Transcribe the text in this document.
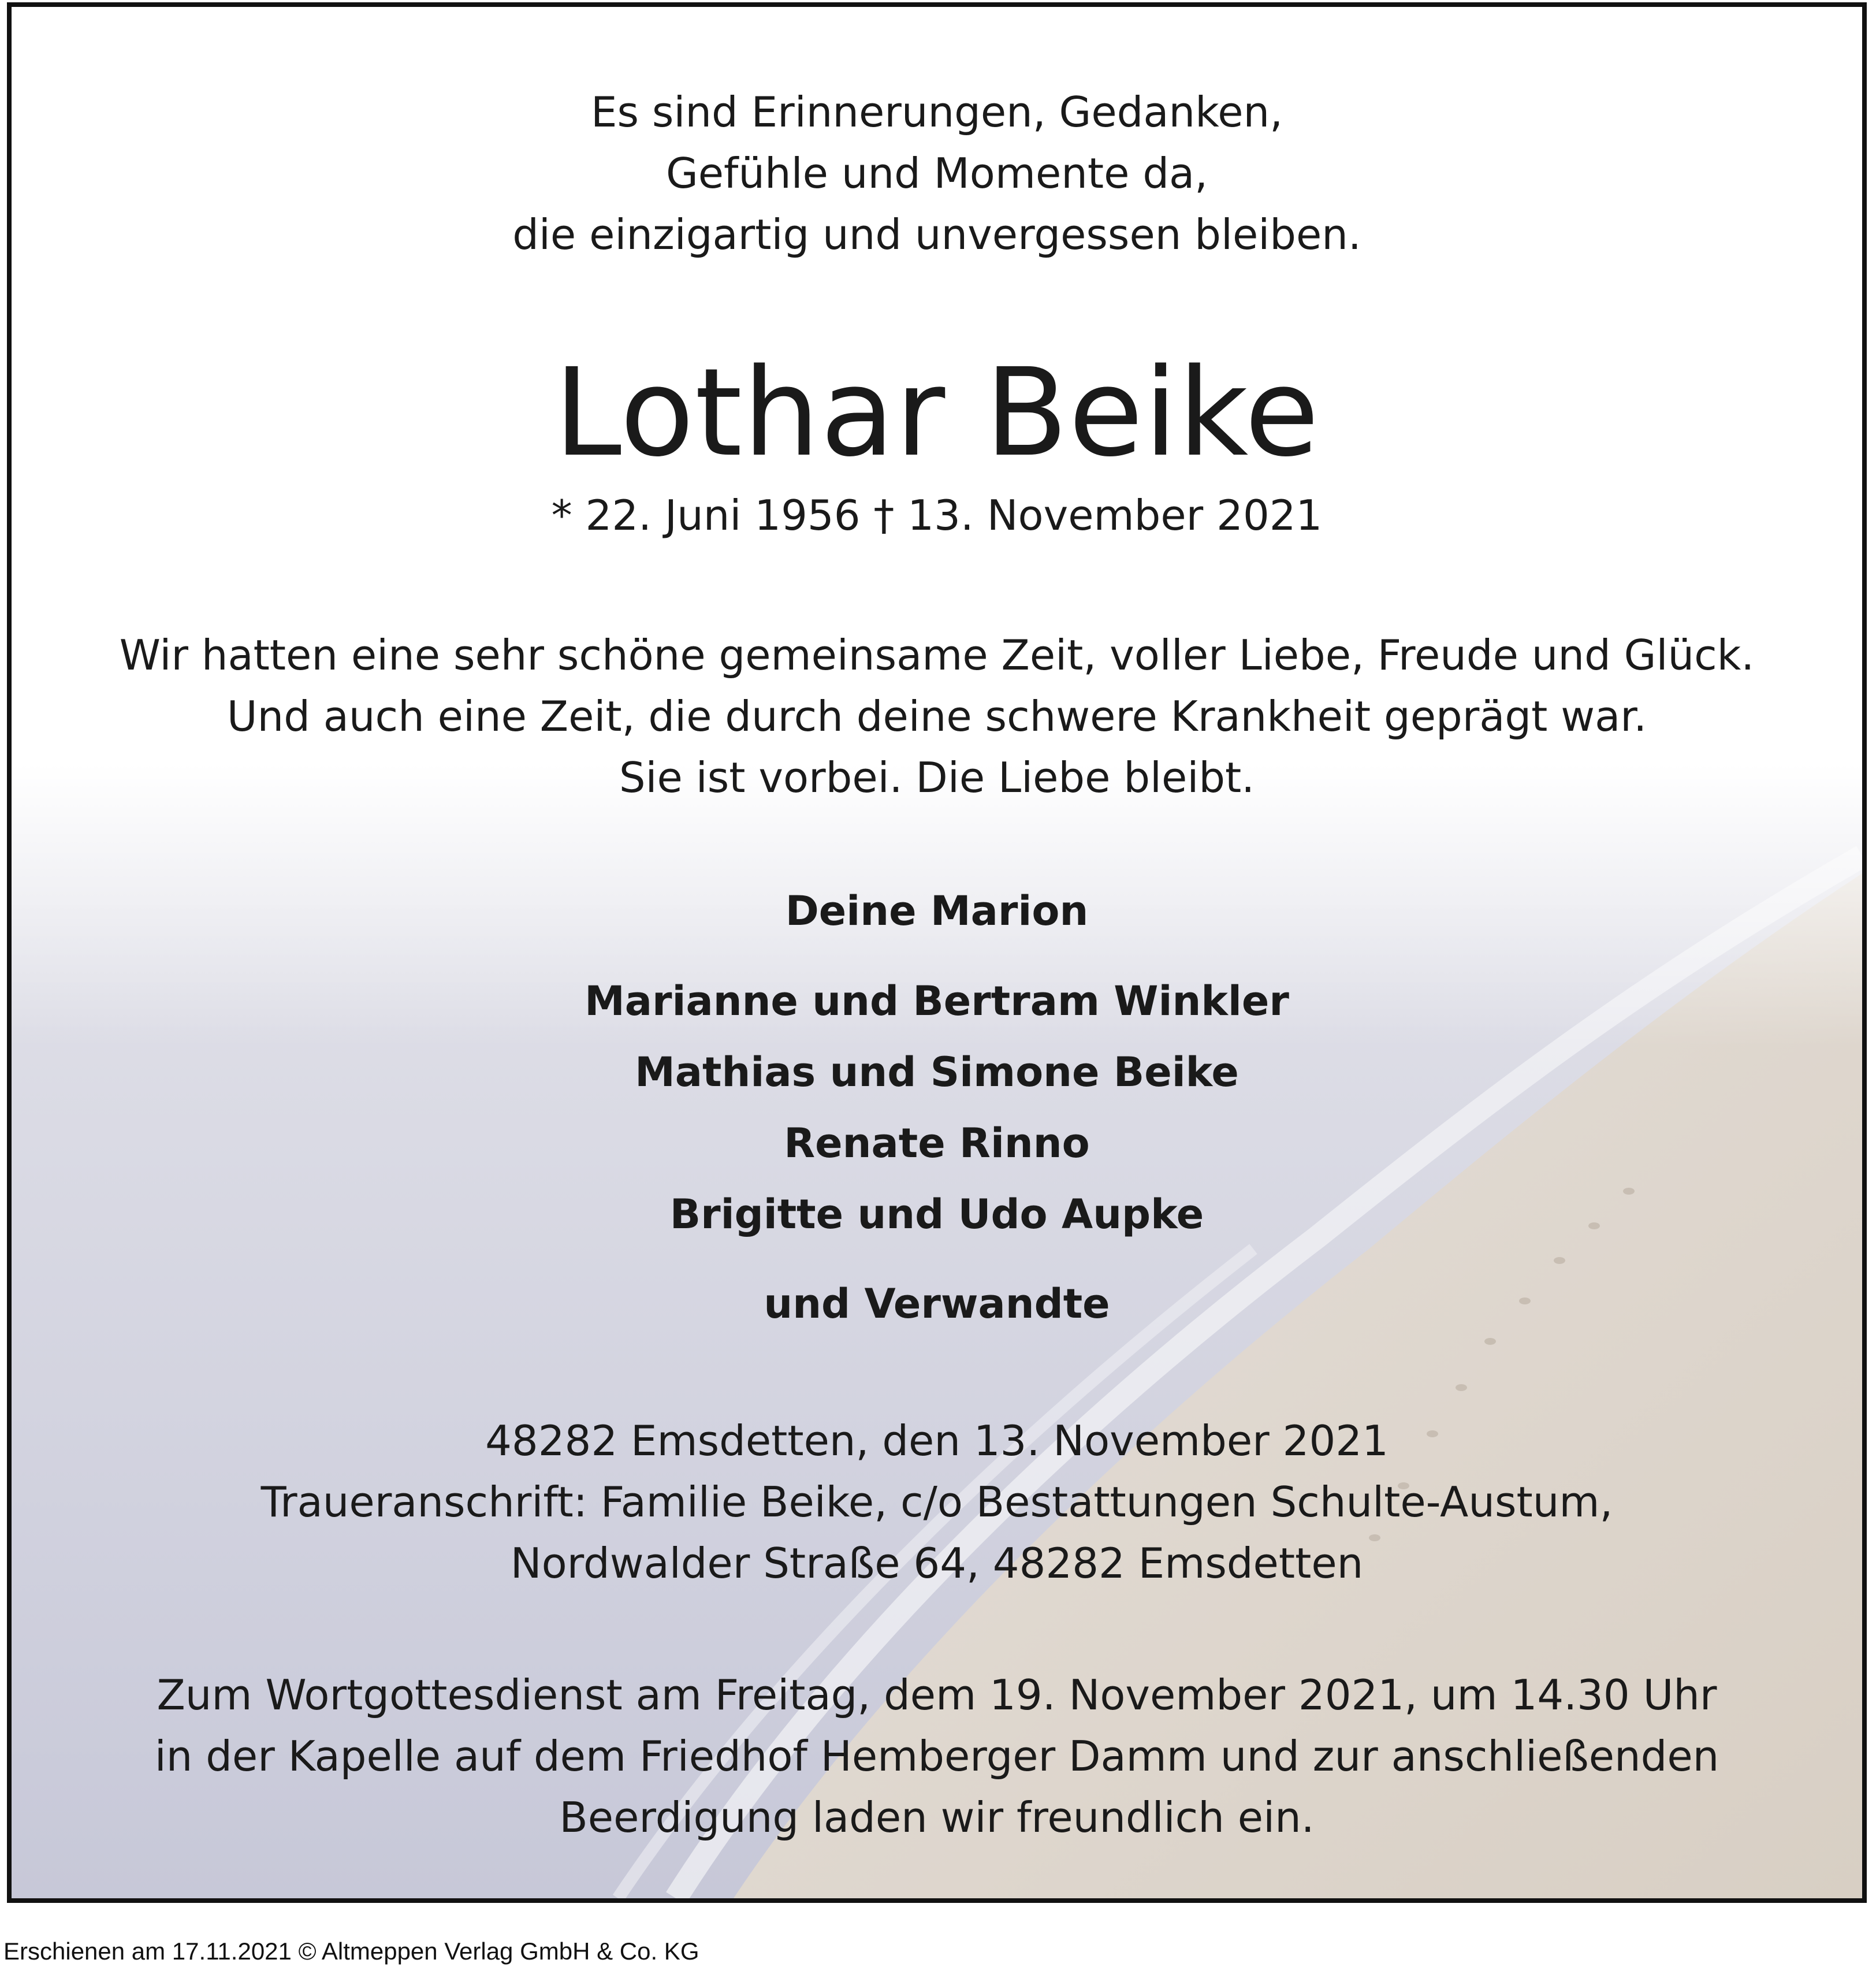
Es sind Erinnerungen, Gedanken,
Gefühle und Momente da,
die einzigartig und unvergessen bleiben.
Lothar Beike
* 22. Juni 1956 † 13. November 2021
Wir hatten eine sehr schöne gemeinsame Zeit, voller Liebe, Freude und Glück.
Und auch eine Zeit, die durch deine schwere Krankheit geprägt war.
Sie ist vorbei. Die Liebe bleibt.
Deine Marion
Marianne und Bertram Winkler
Mathias und Simone Beike
Renate Rinno
Brigitte und Udo Aupke
und Verwandte
48282 Emsdetten, den 13. November 2021
Traueranschrift: Familie Beike, c/o Bestattungen Schulte-Austum,
Nordwalder Straße 64, 48282 Emsdetten
Zum Wortgottesdienst am Freitag, dem 19. November 2021, um 14.30 Uhr
in der Kapelle auf dem Friedhof Hemberger Damm und zur anschließenden
Beerdigung laden wir freundlich ein.
Erschienen am 17.11.2021 © Altmeppen Verlag GmbH & Co. KG
